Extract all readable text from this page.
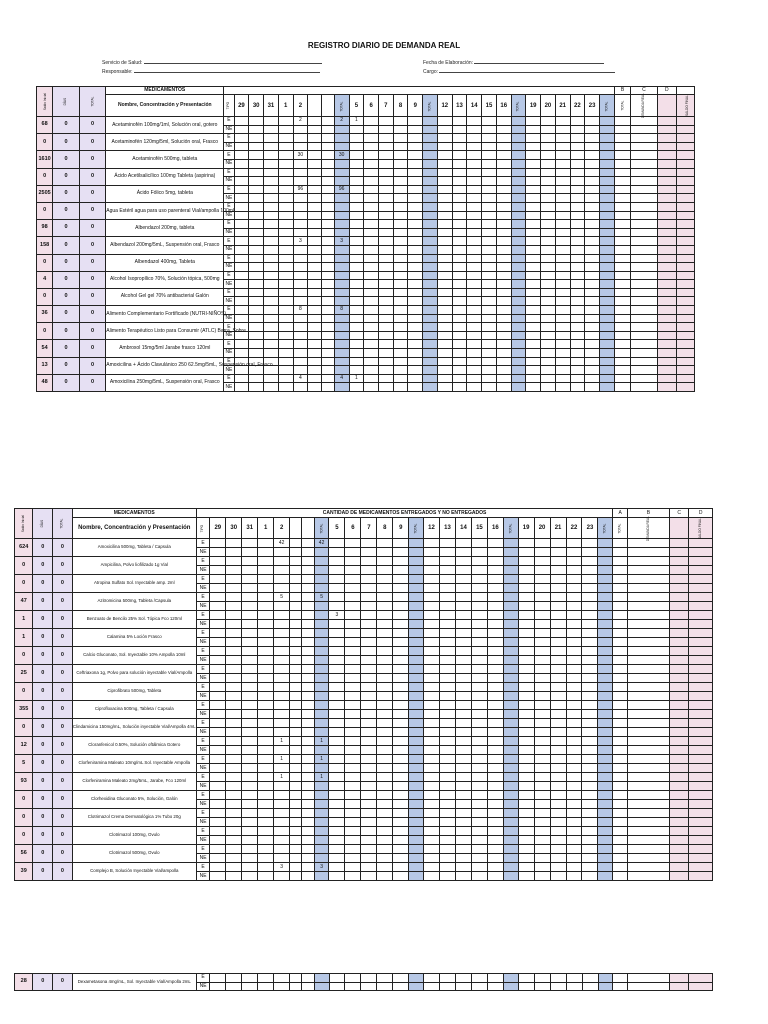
REGISTRO DIARIO DE DEMANDA REAL
Servicio de Salud:
Responsable:
Fecha de Elaboración:
Cargo:
Saldo Inicial	DÍAS	TOTAL	MEDICAMENTOS																												B	C	D	
			Nombre, Concentración y Presentación	TIPO	29	30	31	1	2			TOTAL	5	6	7	8	9	TOTAL	12	13	14	15	16	TOTAL	19	20	21	22	23	TOTAL	TOTAL	DEMANDA REAL		SALDO FINAL
68	0	0	Acetaminofén 100mg/1ml, Solución oral, gotero	E					2			2	1																					
				NE																														
0	0	0	Acetaminofén 120mg/5ml, Solución oral, Frasco	E																														
				NE																														
1610	0	0	Acetaminofén 500mg, tableta	E					30			30																						
				NE																														
0	0	0	Ácido Acetilsalicílico 100mg Tableta (aspirina)	E																														
				NE																														
2505	0	0	Ácido Fólico 5mg, tableta	E					96			96																						
				NE																														
0	0	0	Agua Estéril agua para uso parenteral Vial/ampolla 100ml	E																														
				NE																														
98	0	0	Albendazol 200mg, tableta	E																														
				NE																														
158	0	0	Albendazol 200mg/5mL, Suspensión oral, Frasco	E					3			3																						
				NE																														
0	0	0	Albendazol 400mg, Tableta	E																														
				NE																														
4	0	0	Alcohol Isopropílico 70%, Solución tópica, 500mg	E																														
				NE																														
0	0	0	Alcohol Gel gel 70% antibacterial Galón	E																														
				NE																														
36	0	0	Alimento Complementario Fortificado (NUTRI-NIÑOS)	E					8			8																						
				NE																														
0	0	0	Alimento Terapéutico Listo para Consumir (ATLC) Barra, Sobre	E																														
				NE																														
54	0	0	Ambroxol 15mg/5ml Jarabe frasco 120ml	E																														
				NE																														
13	0	0	Amoxicilina + Ácido Clavulánico 250 62.5mg/5mL, Suspensión oral, Frasco	E																														
				NE																														
48	0	0	Amoxicilina 250mg/5mL, Suspensión oral, Frasco	E					4			4	1																					
				NE																														
Saldo Inicial	DÍAS	TOTAL	MEDICAMENTOS	CANTIDAD DE MEDICAMENTOS ENTREGADOS Y NO ENTREGADOS																											A	B	C	D
			Nombre, Concentración y Presentación	TIPO	29	30	31	1	2			TOTAL	5	6	7	8	9	TOTAL	12	13	14	15	16	TOTAL	19	20	21	22	23	TOTAL	TOTAL	DEMANDA REAL		SALDO FINAL
624	0	0	Amoxicilina 500mg, Tableta / Capsula	E					42			42																						
				NE																														
0	0	0	Ampicilina, Polvo liofilizado 1g Vial	E																														
				NE																														
0	0	0	Atropina Sulfato Sol. Inyectable amp. 2ml	E																														
				NE																														
47	0	0	Azitromicina 500mg, Tableta /Capsula	E					5			5																						
				NE																														
1	0	0	Benzoato de Bencilo 25% Sol. Tópica Fco 120ml	E									3																					
				NE																														
1	0	0	Calamina 5% Loción Frasco	E																														
				NE																														
0	0	0	Calcio Gluconato, Sol. Inyectable 10% Ampolla 10ml	E																														
				NE																														
25	0	0	Ceftriaxona 1g, Polvo para solución inyectable Vial/Ampolla	E																														
				NE																														
0	0	0	Ciprofibrato 500mg, Tableta	E																														
				NE																														
355	0	0	Ciprofloxacina 500mg, Tableta / Capsula	E																														
				NE																														
0	0	0	Clindamicina 150mg/mL, Solución inyectable Vial/Ampolla 4mL	E																														
				NE																														
12	0	0	Cloranfenicol 0.50%, Solución oftálmica Gotero	E					1			1																						
				NE																														
5	0	0	Clorfeniramina Maleato 10mg/mL Sol. Inyectable Ampolla	E					1			1																						
				NE																														
93	0	0	Clorfeniramina Maleato 2mg/5mL, Jarabe, Fco 120ml	E					1			1																						
				NE																														
0	0	0	Clorhexidina Gluconato 5%, Solución, Galón	E																														
				NE																														
0	0	0	Clotrimazol Crema Dermatológica 1% Tubo 20g	E																														
				NE																														
0	0	0	Clotrimazol 100mg, Ovulo	E																														
				NE																														
56	0	0	Clotrimazol 500mg, Ovulo	E																														
				NE																														
39	0	0	Complejo B, Solución Inyectable Vial/ampolla	E					3			3																						
				NE																														
28	0	0	Dexametasona 4mg/mL, Sol. Inyectable Vial/Ampolla 2mL	E																														
				NE																														
